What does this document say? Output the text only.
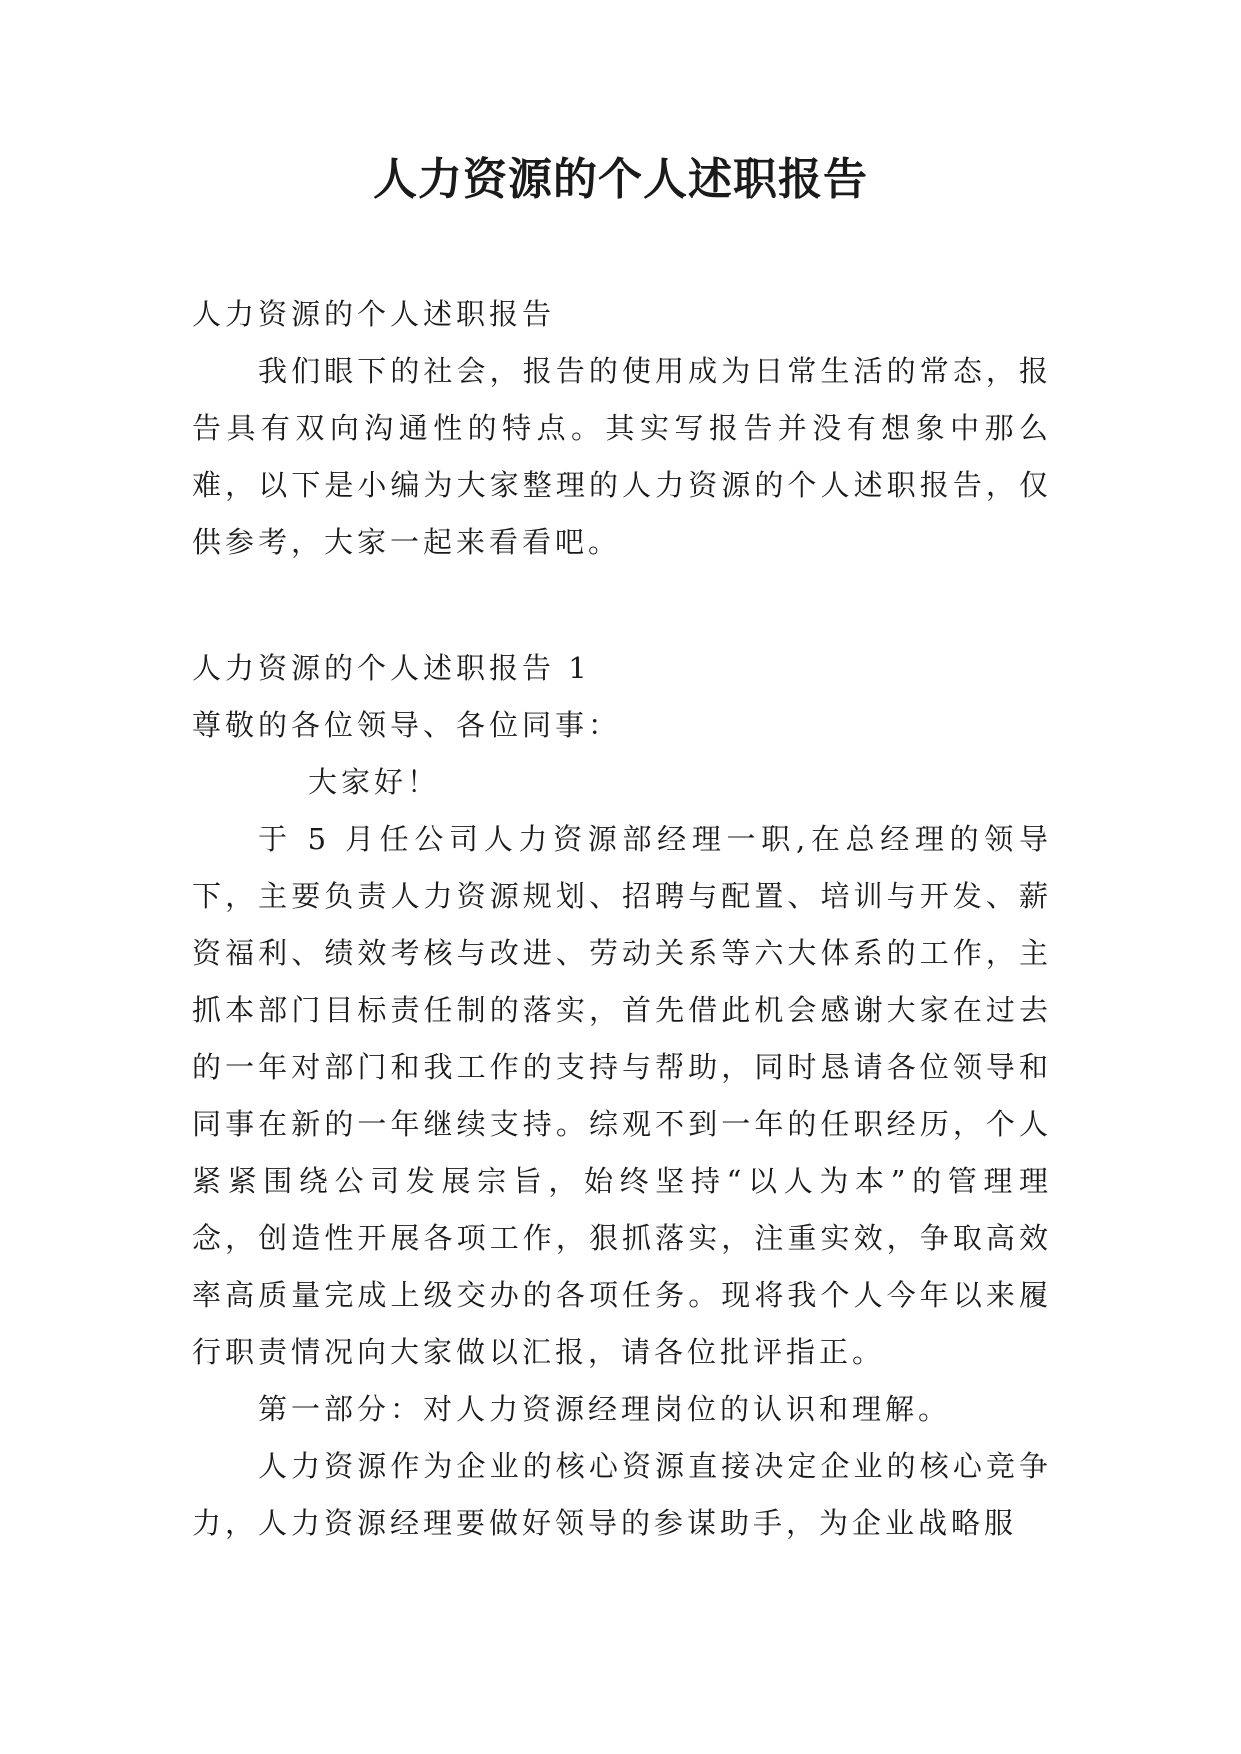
人力资源的个人述职报告

人力资源的个人述职报告

我们眼下的社会，报告的使用成为日常生活的常态，报告具有双向沟通性的特点。其实写报告并没有想象中那么难，以下是小编为大家整理的人力资源的个人述职报告，仅供参考，大家一起来看看吧。

人力资源的个人述职报告 1

尊敬的各位领导、各位同事：

大家好！

于 5 月任公司人力资源部经理一职,在总经理的领导下，主要负责人力资源规划、招聘与配置、培训与开发、薪资福利、绩效考核与改进、劳动关系等六大体系的工作，主抓本部门目标责任制的落实，首先借此机会感谢大家在过去的一年对部门和我工作的支持与帮助，同时恳请各位领导和同事在新的一年继续支持。综观不到一年的任职经历，个人紧紧围绕公司发展宗旨，始终坚持“以人为本”的管理理念，创造性开展各项工作，狠抓落实，注重实效，争取高效率高质量完成上级交办的各项任务。现将我个人今年以来履行职责情况向大家做以汇报，请各位批评指正。

第一部分：对人力资源经理岗位的认识和理解。

人力资源作为企业的核心资源直接决定企业的核心竞争力，人力资源经理要做好领导的参谋助手，为企业战略服
